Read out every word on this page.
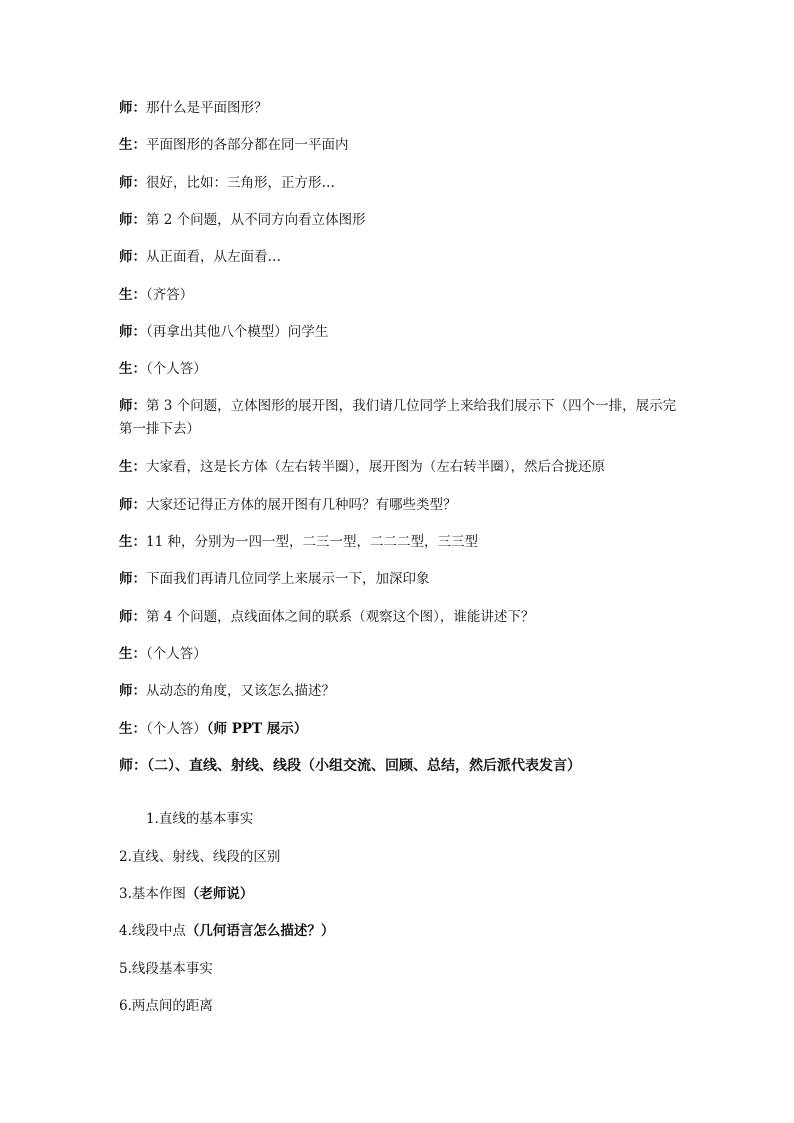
师：那什么是平面图形？
生：平面图形的各部分都在同一平面内
师：很好，比如：三角形，正方形…
师：第 2 个问题，从不同方向看立体图形
师：从正面看，从左面看…
生：（齐答）
师：（再拿出其他八个模型）问学生
生：（个人答）
师：第 3 个问题，立体图形的展开图，我们请几位同学上来给我们展示下（四个一排，展示完第一排下去）
生：大家看，这是长方体（左右转半圈），展开图为（左右转半圈），然后合拢还原
师：大家还记得正方体的展开图有几种吗？有哪些类型？
生：11 种，分别为一四一型，二三一型，二二二型，三三型
师：下面我们再请几位同学上来展示一下，加深印象
师：第 4 个问题，点线面体之间的联系（观察这个图），谁能讲述下？
生：（个人答）
师：从动态的角度，又该怎么描述？
生：（个人答）（师 PPT 展示）
师：（二）、直线、射线、线段（小组交流、回顾、总结，然后派代表发言）
1.直线的基本事实
2.直线、射线、线段的区别
3.基本作图（老师说）
4.线段中点（几何语言怎么描述？）
5.线段基本事实
6.两点间的距离
